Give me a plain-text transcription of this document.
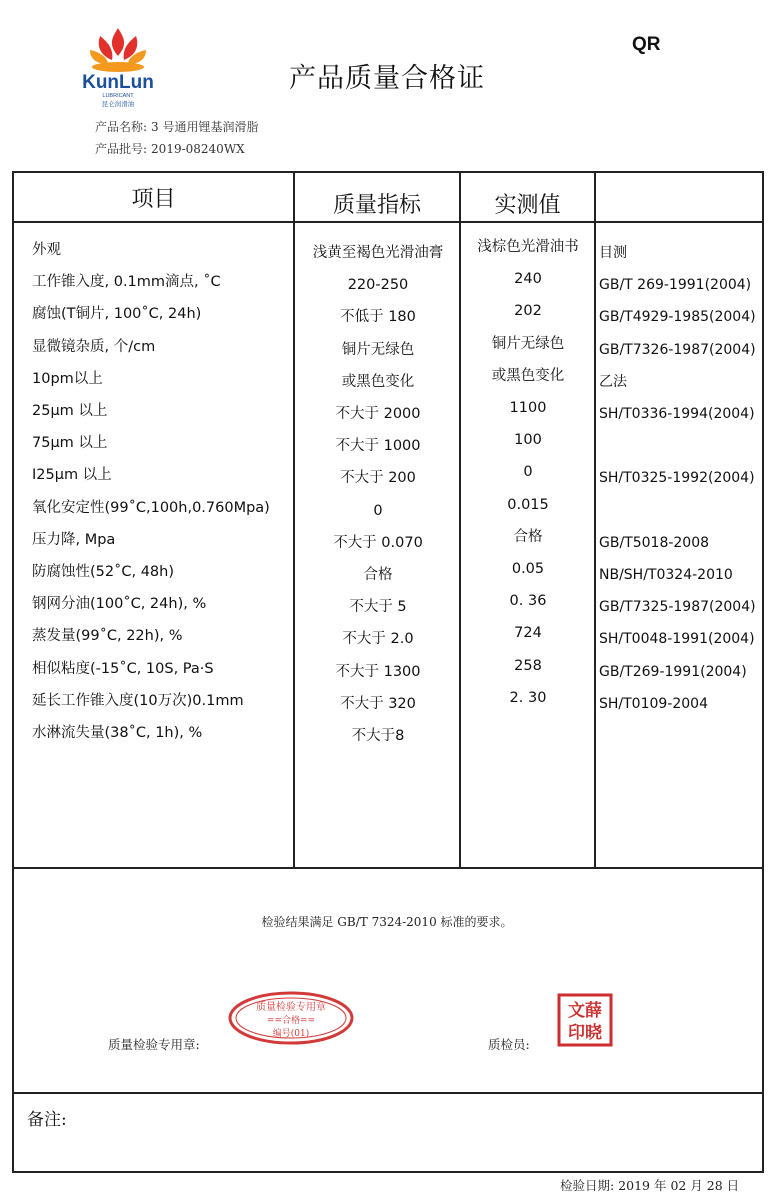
KunLun
LUBRICANT
昆仑润滑油
产品质量合格证
QR
产品名称: 3 号通用锂基润滑脂
产品批号: 2019-08240WX
项目	质量指标	实测值
外观	浅黄至褐色光滑油膏	浅棕色光滑油书	目测
工作锥入度, 0.1mm滴点, ˚C	220-250	240	GB/T 269-1991(2004)
腐蚀(T铜片, 100˚C, 24h)	不低于 180	202	GB/T4929-1985(2004)
显微镜杂质, 个/cm	铜片无绿色	铜片无绿色	GB/T7326-1987(2004)
10pm以上	或黑色变化	或黑色变化	乙法
25μm 以上	不大于 2000	1100	SH/T0336-1994(2004)
75μm 以上	不大于 1000	100
I25μm 以上	不大于 200	0	SH/T0325-1992(2004)
氧化安定性(99˚C,100h,0.760Mpa)	0	0.015
压力降, Mpa	不大于 0.070	合格	GB/T5018-2008
防腐蚀性(52˚C, 48h)	合格	0.05	NB/SH/T0324-2010
钢网分油(100˚C, 24h), %	不大于 5	0. 36	GB/T7325-1987(2004)
蒸发量(99˚C, 22h), %	不大于 2.0	724	SH/T0048-1991(2004)
相似粘度(-15˚C, 10S, Pa·S	不大于 1300	258	GB/T269-1991(2004)
延长工作锥入度(10万次)0.1mm	不大于 320	2. 30	SH/T0109-2004
水淋流失量(38˚C, 1h), %	不大于8
检验结果满足 GB/T 7324-2010 标准的要求。
质量检验专用章:
质量检验专用章
==合格==
编号(01)
质检员:
文薛
印晓
备注:
检验日期: 2019 年 02 月 28 日
